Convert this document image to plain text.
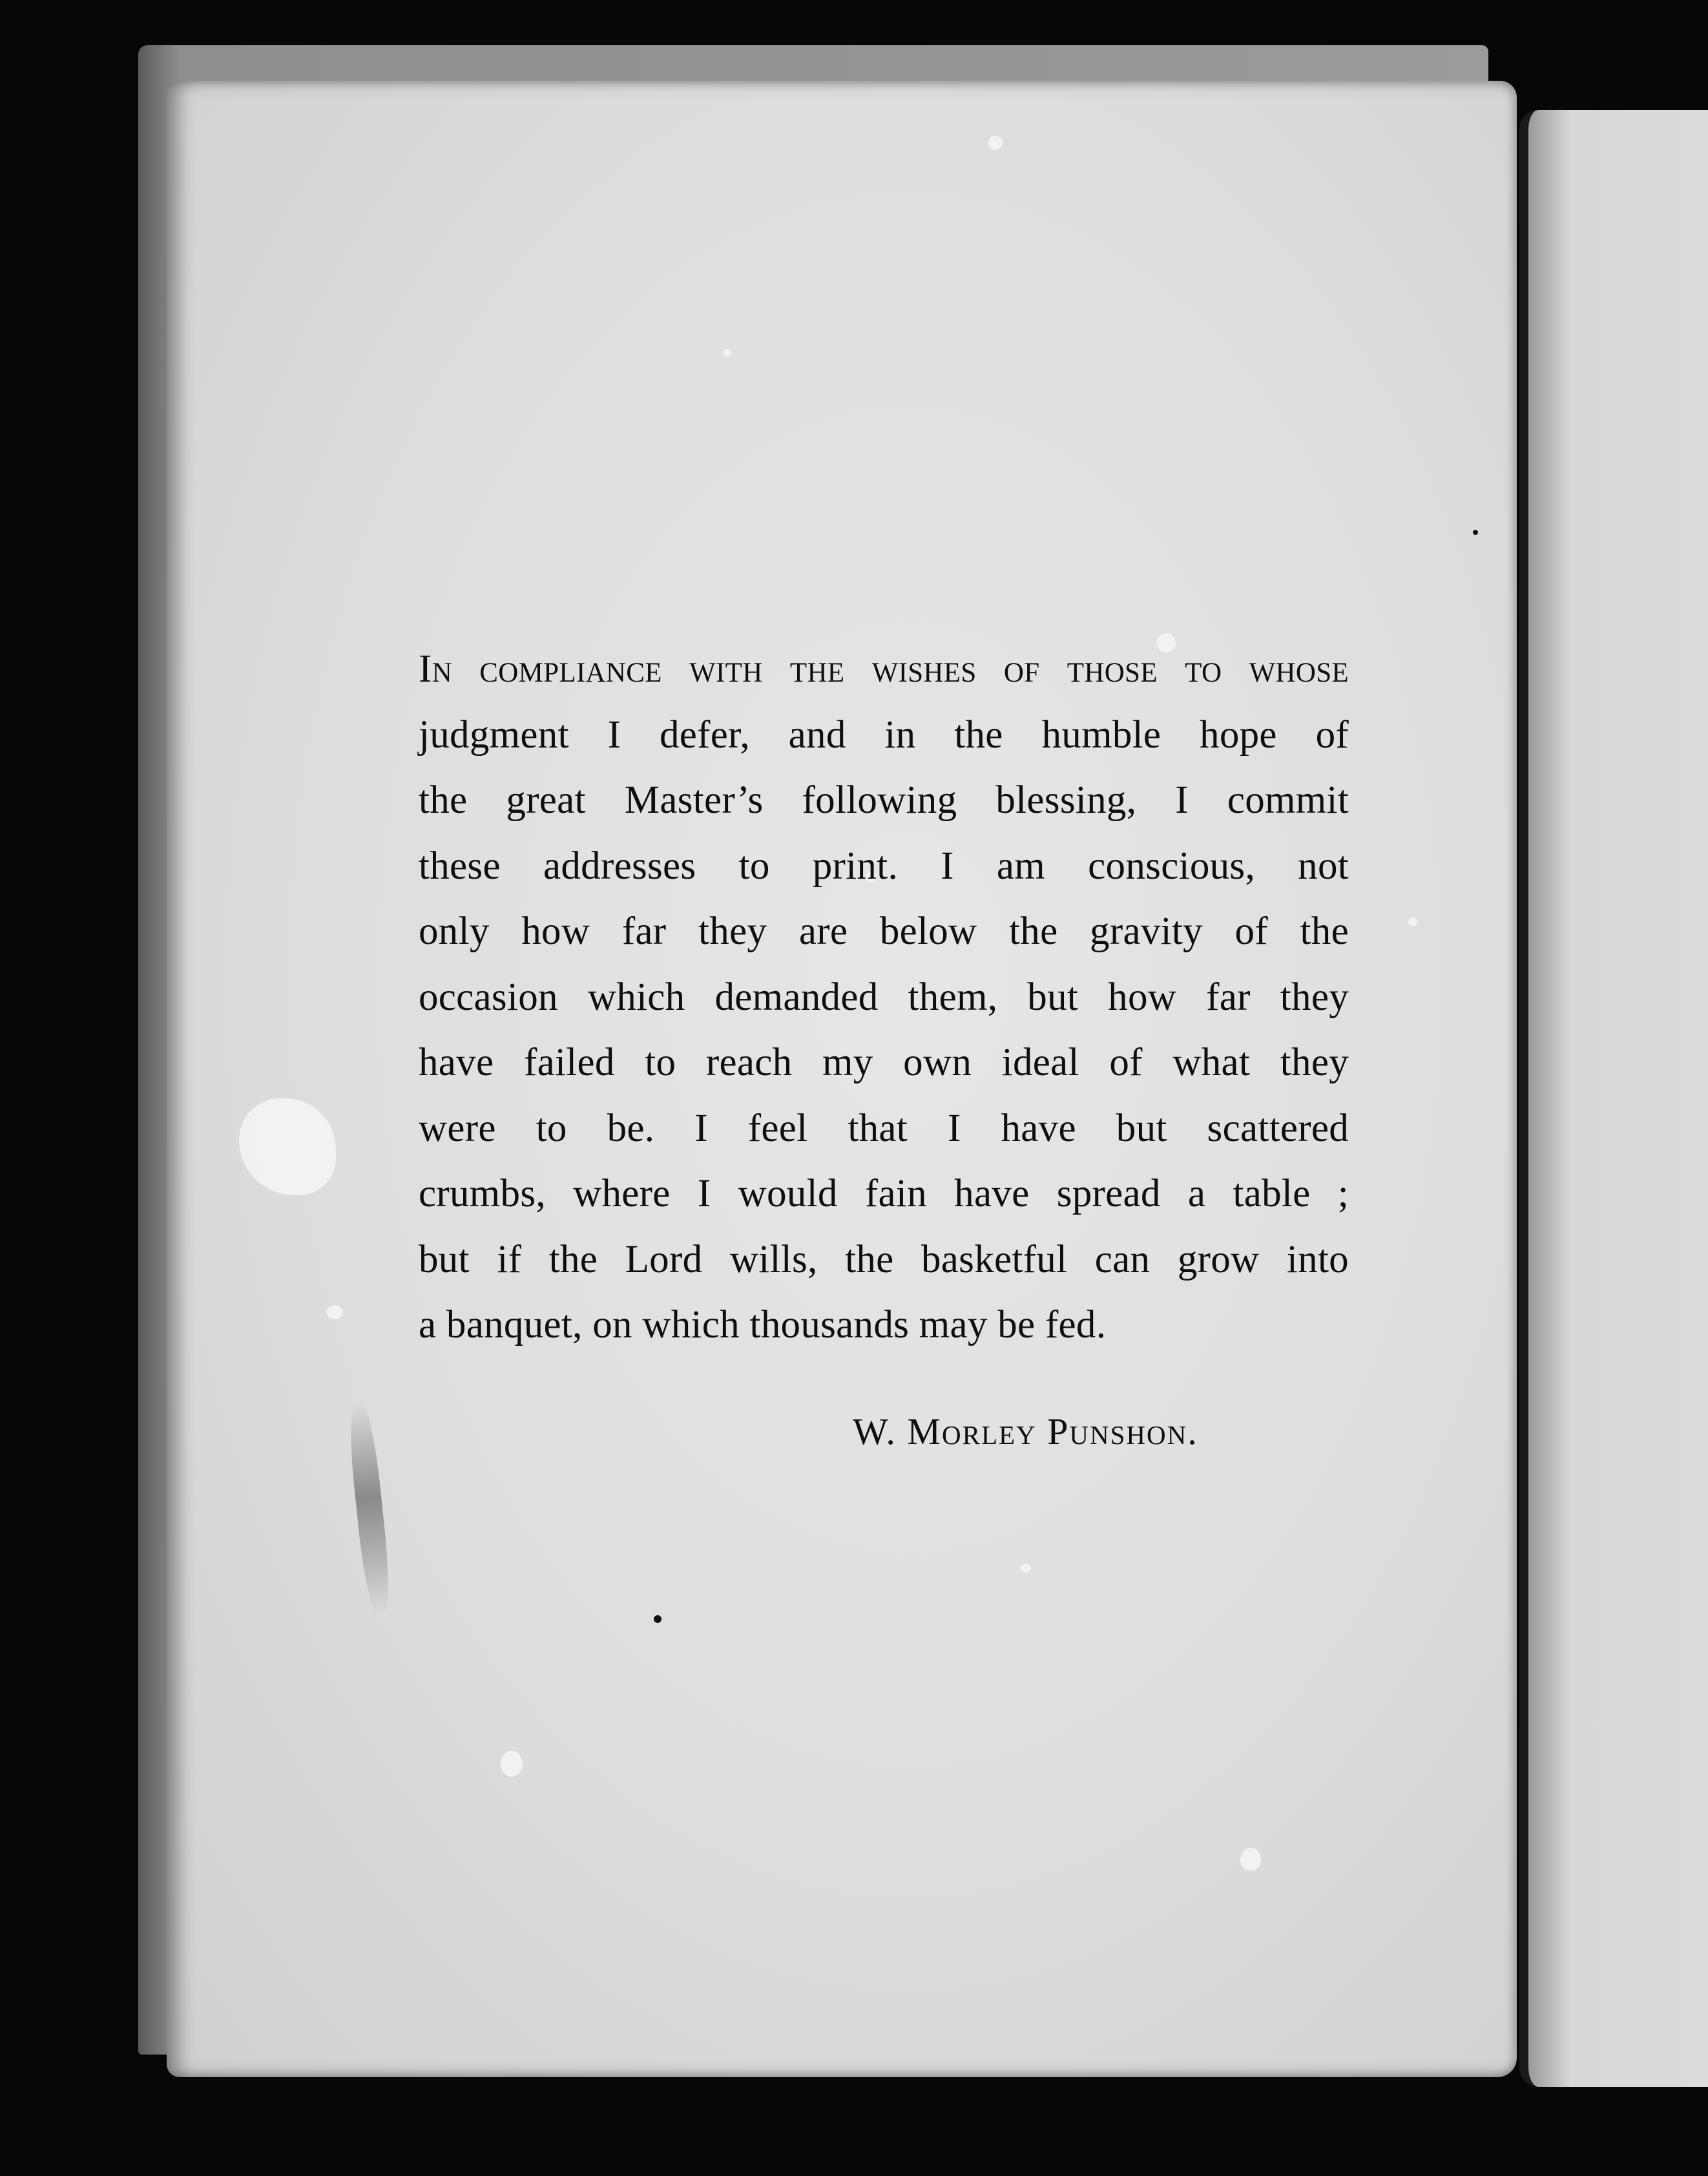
In compliance with the wishes of those to whose
judgment I defer, and in the humble hope of
the great Master’s following blessing, I commit
these addresses to print. I am conscious, not
only how far they are below the gravity of the
occasion which demanded them, but how far they
have failed to reach my own ideal of what they
were to be. I feel that I have but scattered
crumbs, where I would fain have spread a table ;
but if the Lord wills, the basketful can grow into
a banquet, on which thousands may be fed.
W. Morley Punshon.
